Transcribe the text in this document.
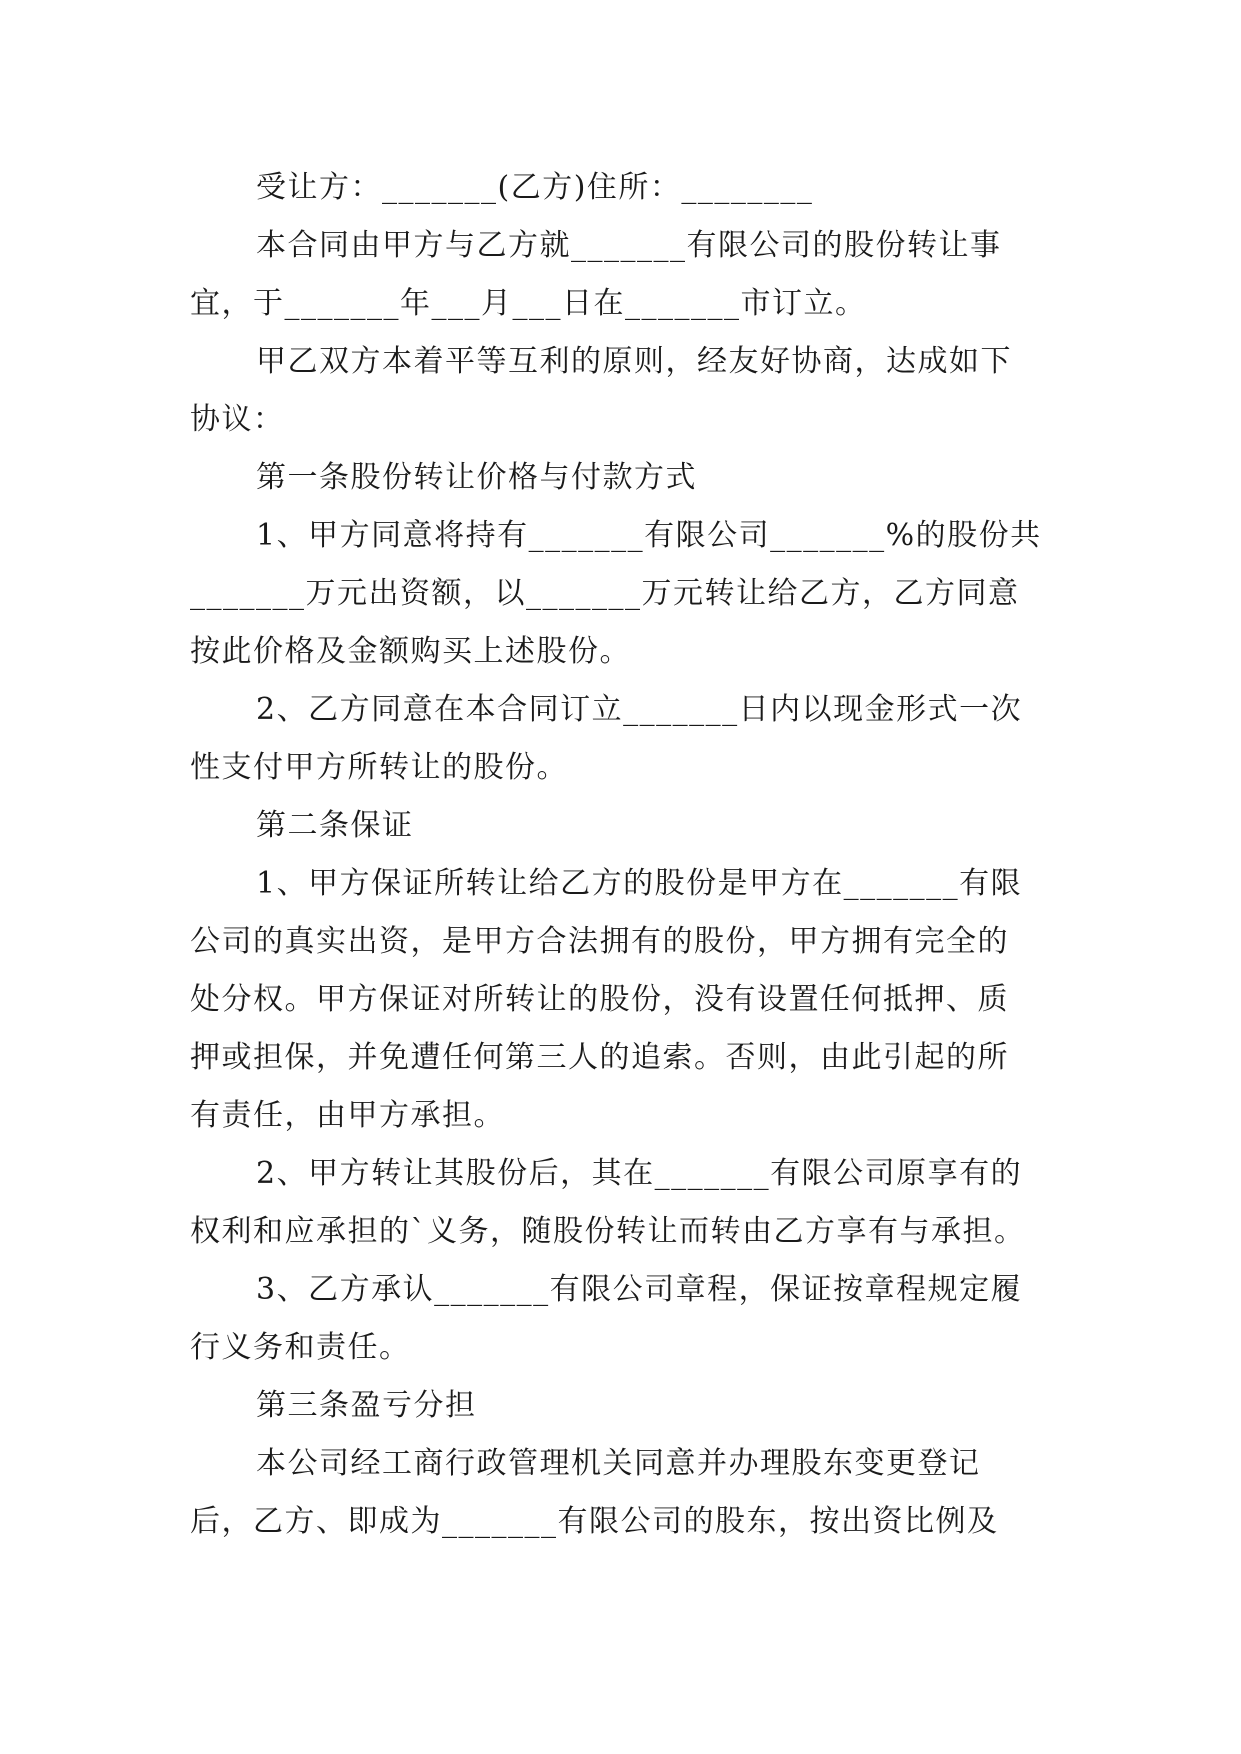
受让方：_______(乙方)住所：________
本合同由甲方与乙方就_______有限公司的股份转让事
宜，于_______年___月___日在_______市订立。
甲乙双方本着平等互利的原则，经友好协商，达成如下
协议：
第一条股份转让价格与付款方式
1、甲方同意将持有_______有限公司_______%的股份共
_______万元出资额，以_______万元转让给乙方，乙方同意
按此价格及金额购买上述股份。
2、乙方同意在本合同订立_______日内以现金形式一次
性支付甲方所转让的股份。
第二条保证
1、甲方保证所转让给乙方的股份是甲方在_______有限
公司的真实出资，是甲方合法拥有的股份，甲方拥有完全的
处分权。甲方保证对所转让的股份，没有设置任何抵押、质
押或担保，并免遭任何第三人的追索。否则，由此引起的所
有责任，由甲方承担。
2、甲方转让其股份后，其在_______有限公司原享有的
权利和应承担的`义务，随股份转让而转由乙方享有与承担。
3、乙方承认_______有限公司章程，保证按章程规定履
行义务和责任。
第三条盈亏分担
本公司经工商行政管理机关同意并办理股东变更登记
后，乙方、即成为_______有限公司的股东，按出资比例及
